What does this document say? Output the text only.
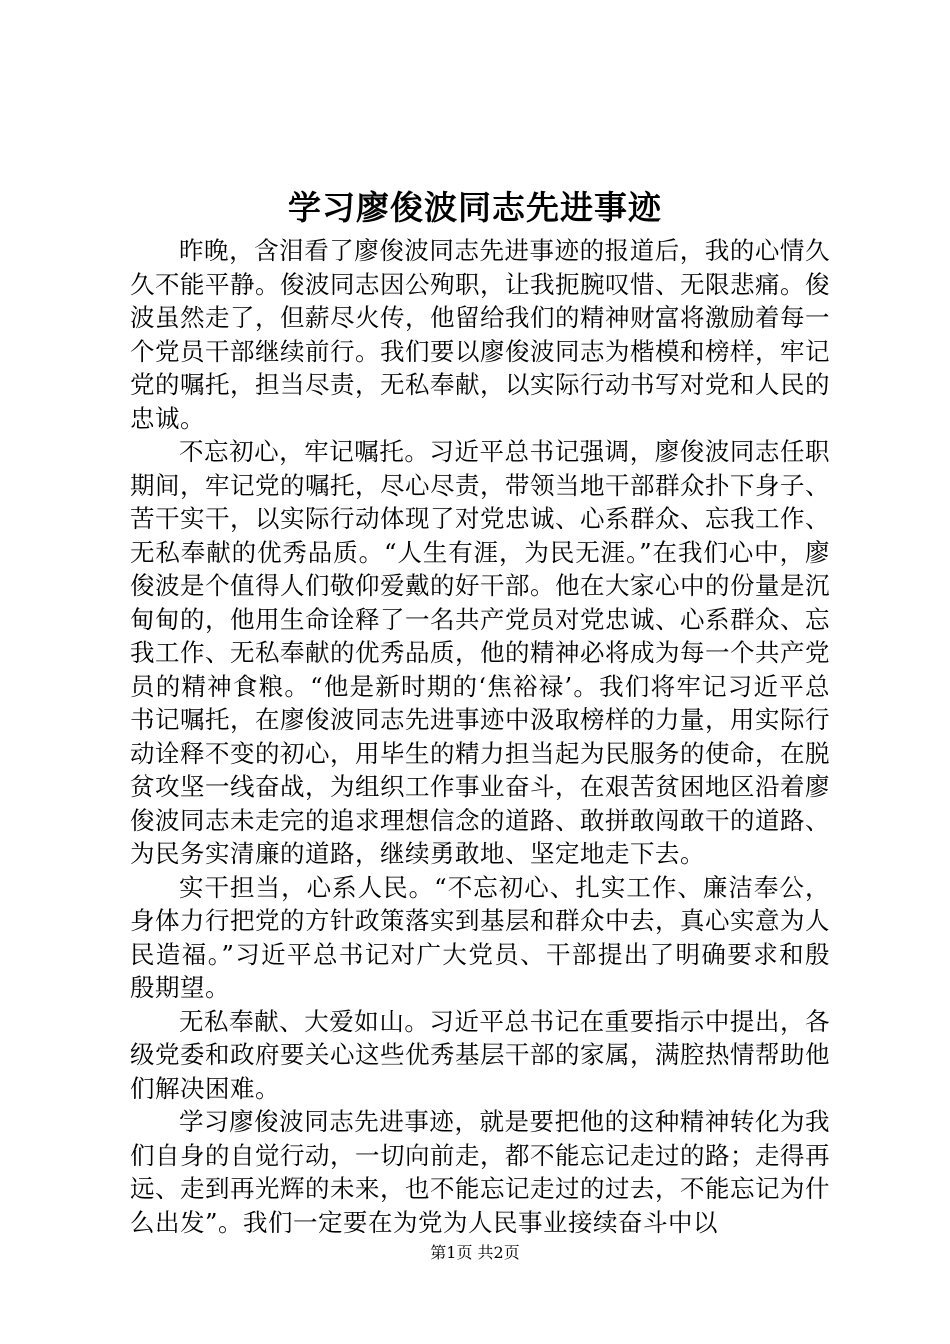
学习廖俊波同志先进事迹

昨晚，含泪看了廖俊波同志先进事迹的报道后，我的心情久久不能平静。俊波同志因公殉职，让我扼腕叹惜、无限悲痛。俊波虽然走了，但薪尽火传，他留给我们的精神财富将激励着每一个党员干部继续前行。我们要以廖俊波同志为楷模和榜样，牢记党的嘱托，担当尽责，无私奉献，以实际行动书写对党和人民的忠诚。

不忘初心，牢记嘱托。习近平总书记强调，廖俊波同志任职期间，牢记党的嘱托，尽心尽责，带领当地干部群众扑下身子、苦干实干，以实际行动体现了对党忠诚、心系群众、忘我工作、无私奉献的优秀品质。“人生有涯，为民无涯。”在我们心中，廖俊波是个值得人们敬仰爱戴的好干部。他在大家心中的份量是沉甸甸的，他用生命诠释了一名共产党员对党忠诚、心系群众、忘我工作、无私奉献的优秀品质，他的精神必将成为每一个共产党员的精神食粮。“他是新时期的‘焦裕禄’。我们将牢记习近平总书记嘱托，在廖俊波同志先进事迹中汲取榜样的力量，用实际行动诠释不变的初心，用毕生的精力担当起为民服务的使命，在脱贫攻坚一线奋战，为组织工作事业奋斗，在艰苦贫困地区沿着廖俊波同志未走完的追求理想信念的道路、敢拼敢闯敢干的道路、为民务实清廉的道路，继续勇敢地、坚定地走下去。

实干担当，心系人民。“不忘初心、扎实工作、廉洁奉公，身体力行把党的方针政策落实到基层和群众中去，真心实意为人民造福。”习近平总书记对广大党员、干部提出了明确要求和殷殷期望。

无私奉献、大爱如山。习近平总书记在重要指示中提出，各级党委和政府要关心这些优秀基层干部的家属，满腔热情帮助他们解决困难。

学习廖俊波同志先进事迹，就是要把他的这种精神转化为我们自身的自觉行动，一切向前走，都不能忘记走过的路；走得再远、走到再光辉的未来，也不能忘记走过的过去，不能忘记为什么出发”。我们一定要在为党为人民事业接续奋斗中以

第1页 共2页
